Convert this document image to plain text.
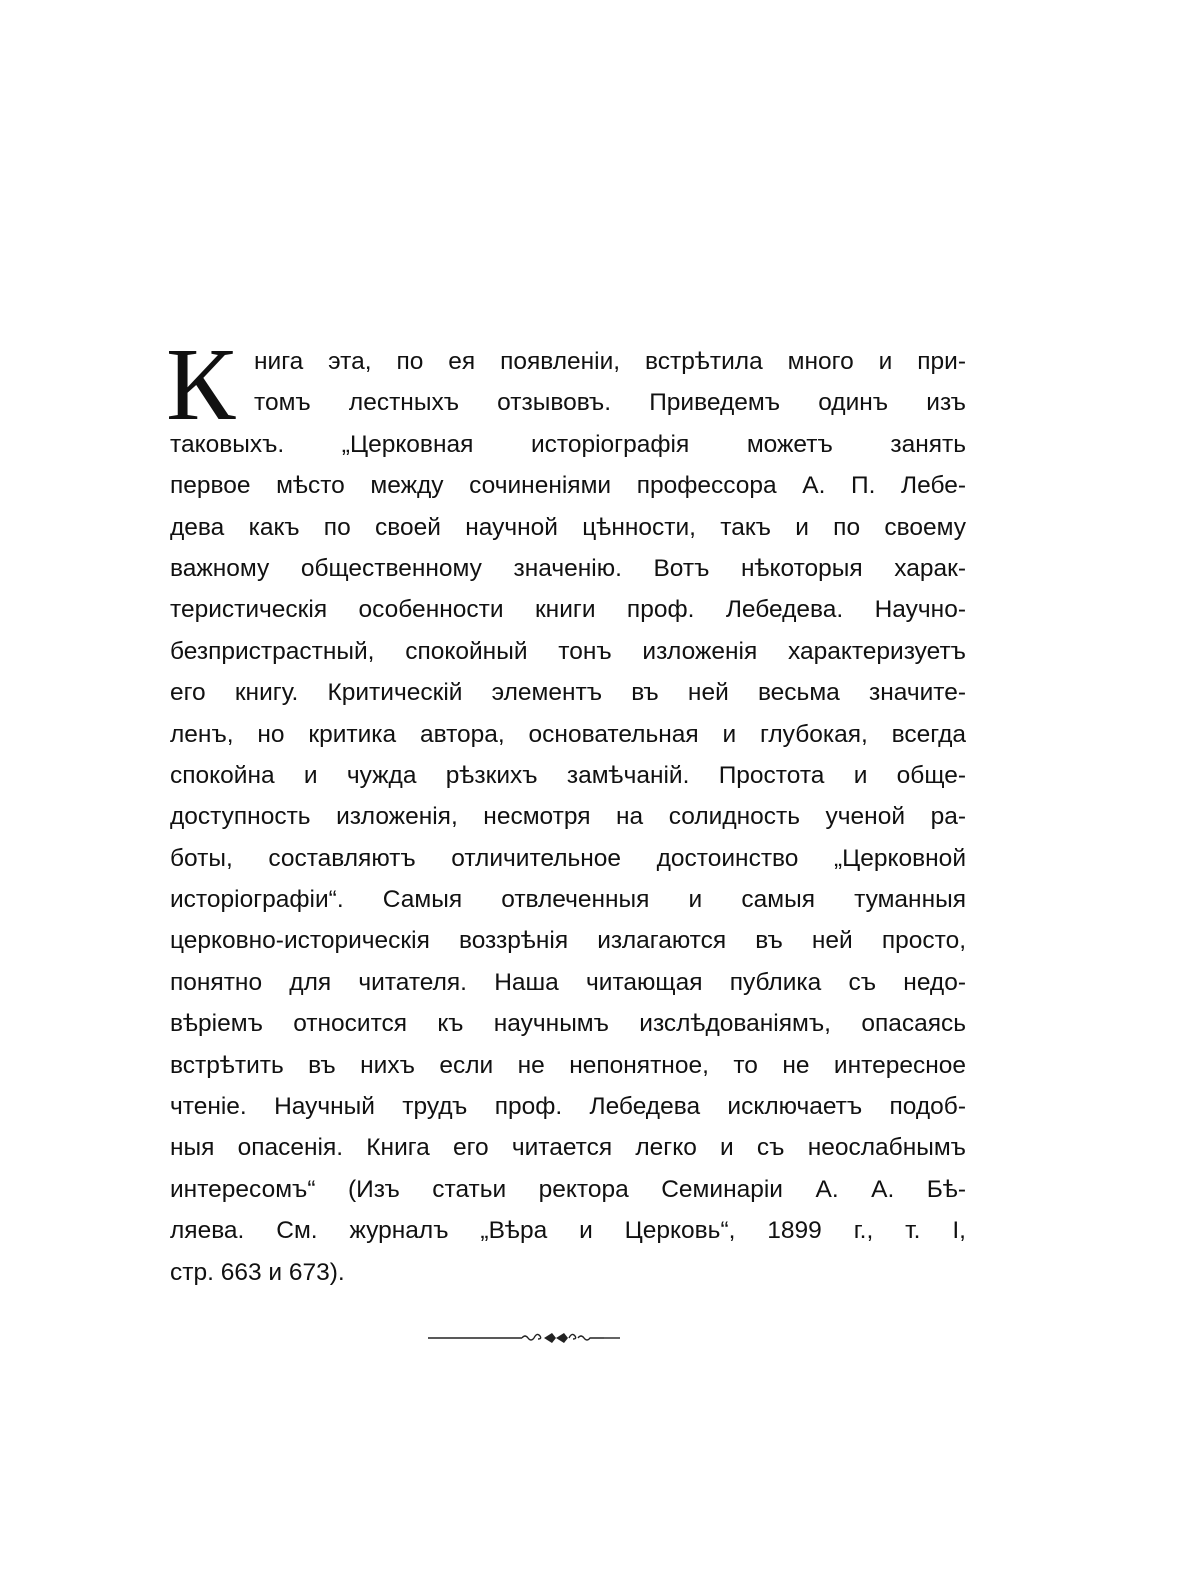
К нига эта, по ея появленіи, встрѣтила много и при-
томъ лестныхъ отзывовъ. Приведемъ одинъ изъ
таковыхъ. „Церковная исторіографія можетъ занять
первое мѣсто между сочиненіями профессора А. П. Лебе-
дева какъ по своей научной цѣнности, такъ и по своему
важному общественному значенію. Вотъ нѣкоторыя харак-
теристическія особенности книги проф. Лебедева. Научно-
безпристрастный, спокойный тонъ изложенія характеризуетъ
его книгу. Критическій элементъ въ ней весьма значите-
ленъ, но критика автора, основательная и глубокая, всегда
спокойна и чужда рѣзкихъ замѣчаній. Простота и обще-
доступность изложенія, несмотря на солидность ученой ра-
боты, составляютъ отличительное достоинство „Церковной
исторіографіи“. Самыя отвлеченныя и самыя туманныя
церковно-историческія воззрѣнія излагаются въ ней просто,
понятно для читателя. Наша читающая публика съ недо-
вѣріемъ относится къ научнымъ изслѣдованіямъ, опасаясь
встрѣтить въ нихъ если не непонятное, то не интересное
чтеніе. Научный трудъ проф. Лебедева исключаетъ подоб-
ныя опасенія. Книга его читается легко и съ неослабнымъ
интересомъ“ (Изъ статьи ректора Семинаріи А. А. Бѣ-
ляева. См. журналъ „Вѣра и Церковь“, 1899 г., т. I,
стр. 663 и 673).
